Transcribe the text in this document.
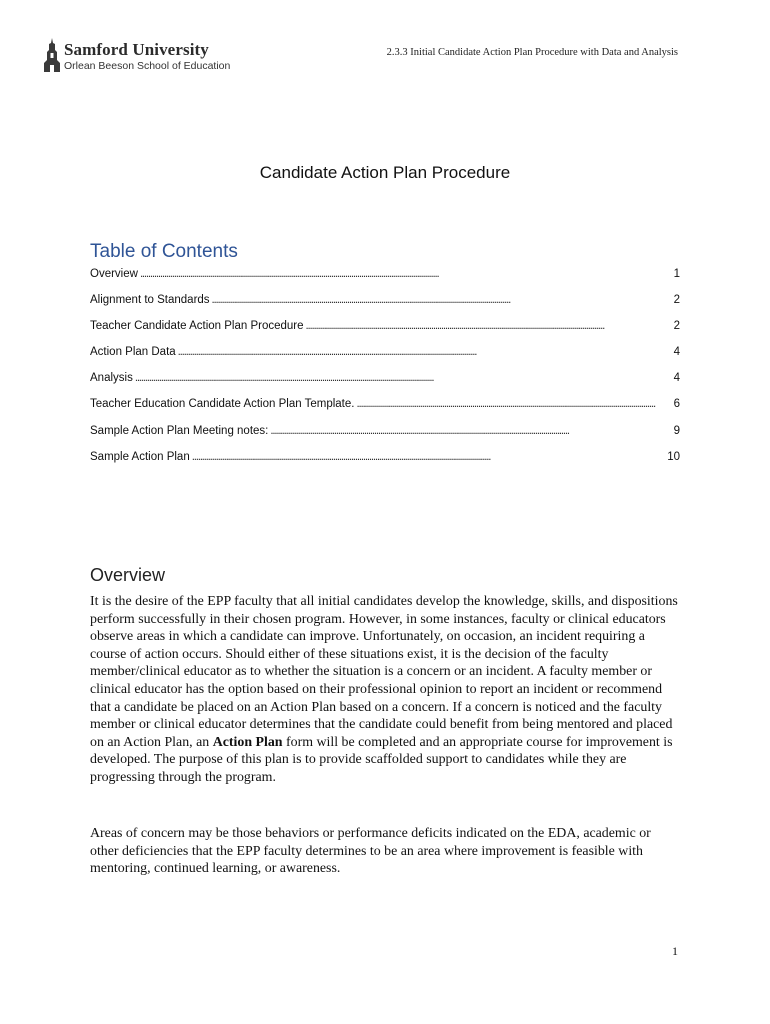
Samford University
Orlean Beeson School of Education
2.3.3 Initial Candidate Action Plan Procedure with Data and Analysis
Candidate Action Plan Procedure
Table of Contents
Overview . . .	1
Alignment to Standards . . .	2
Teacher Candidate Action Plan Procedure . . .	2
Action Plan Data . . .	4
Analysis . . .	4
Teacher Education Candidate Action Plan Template. . . .	6
Sample Action Plan Meeting notes: . . .	9
Sample Action Plan . . .	10
Overview
It is the desire of the EPP faculty that all initial candidates develop the knowledge, skills, and dispositions perform successfully in their chosen program. However, in some instances, faculty or clinical educators observe areas in which a candidate can improve. Unfortunately, on occasion, an incident requiring a course of action occurs. Should either of these situations exist, it is the decision of the faculty member/clinical educator as to whether the situation is a concern or an incident. A faculty member or clinical educator has the option based on their professional opinion to report an incident or recommend that a candidate be placed on an Action Plan based on a concern. If a concern is noticed and the faculty member or clinical educator determines that the candidate could benefit from being mentored and placed on an Action Plan, an Action Plan form will be completed and an appropriate course for improvement is developed. The purpose of this plan is to provide scaffolded support to candidates while they are progressing through the program.
Areas of concern may be those behaviors or performance deficits indicated on the EDA, academic or other deficiencies that the EPP faculty determines to be an area where improvement is feasible with mentoring, continued learning, or awareness.
1
